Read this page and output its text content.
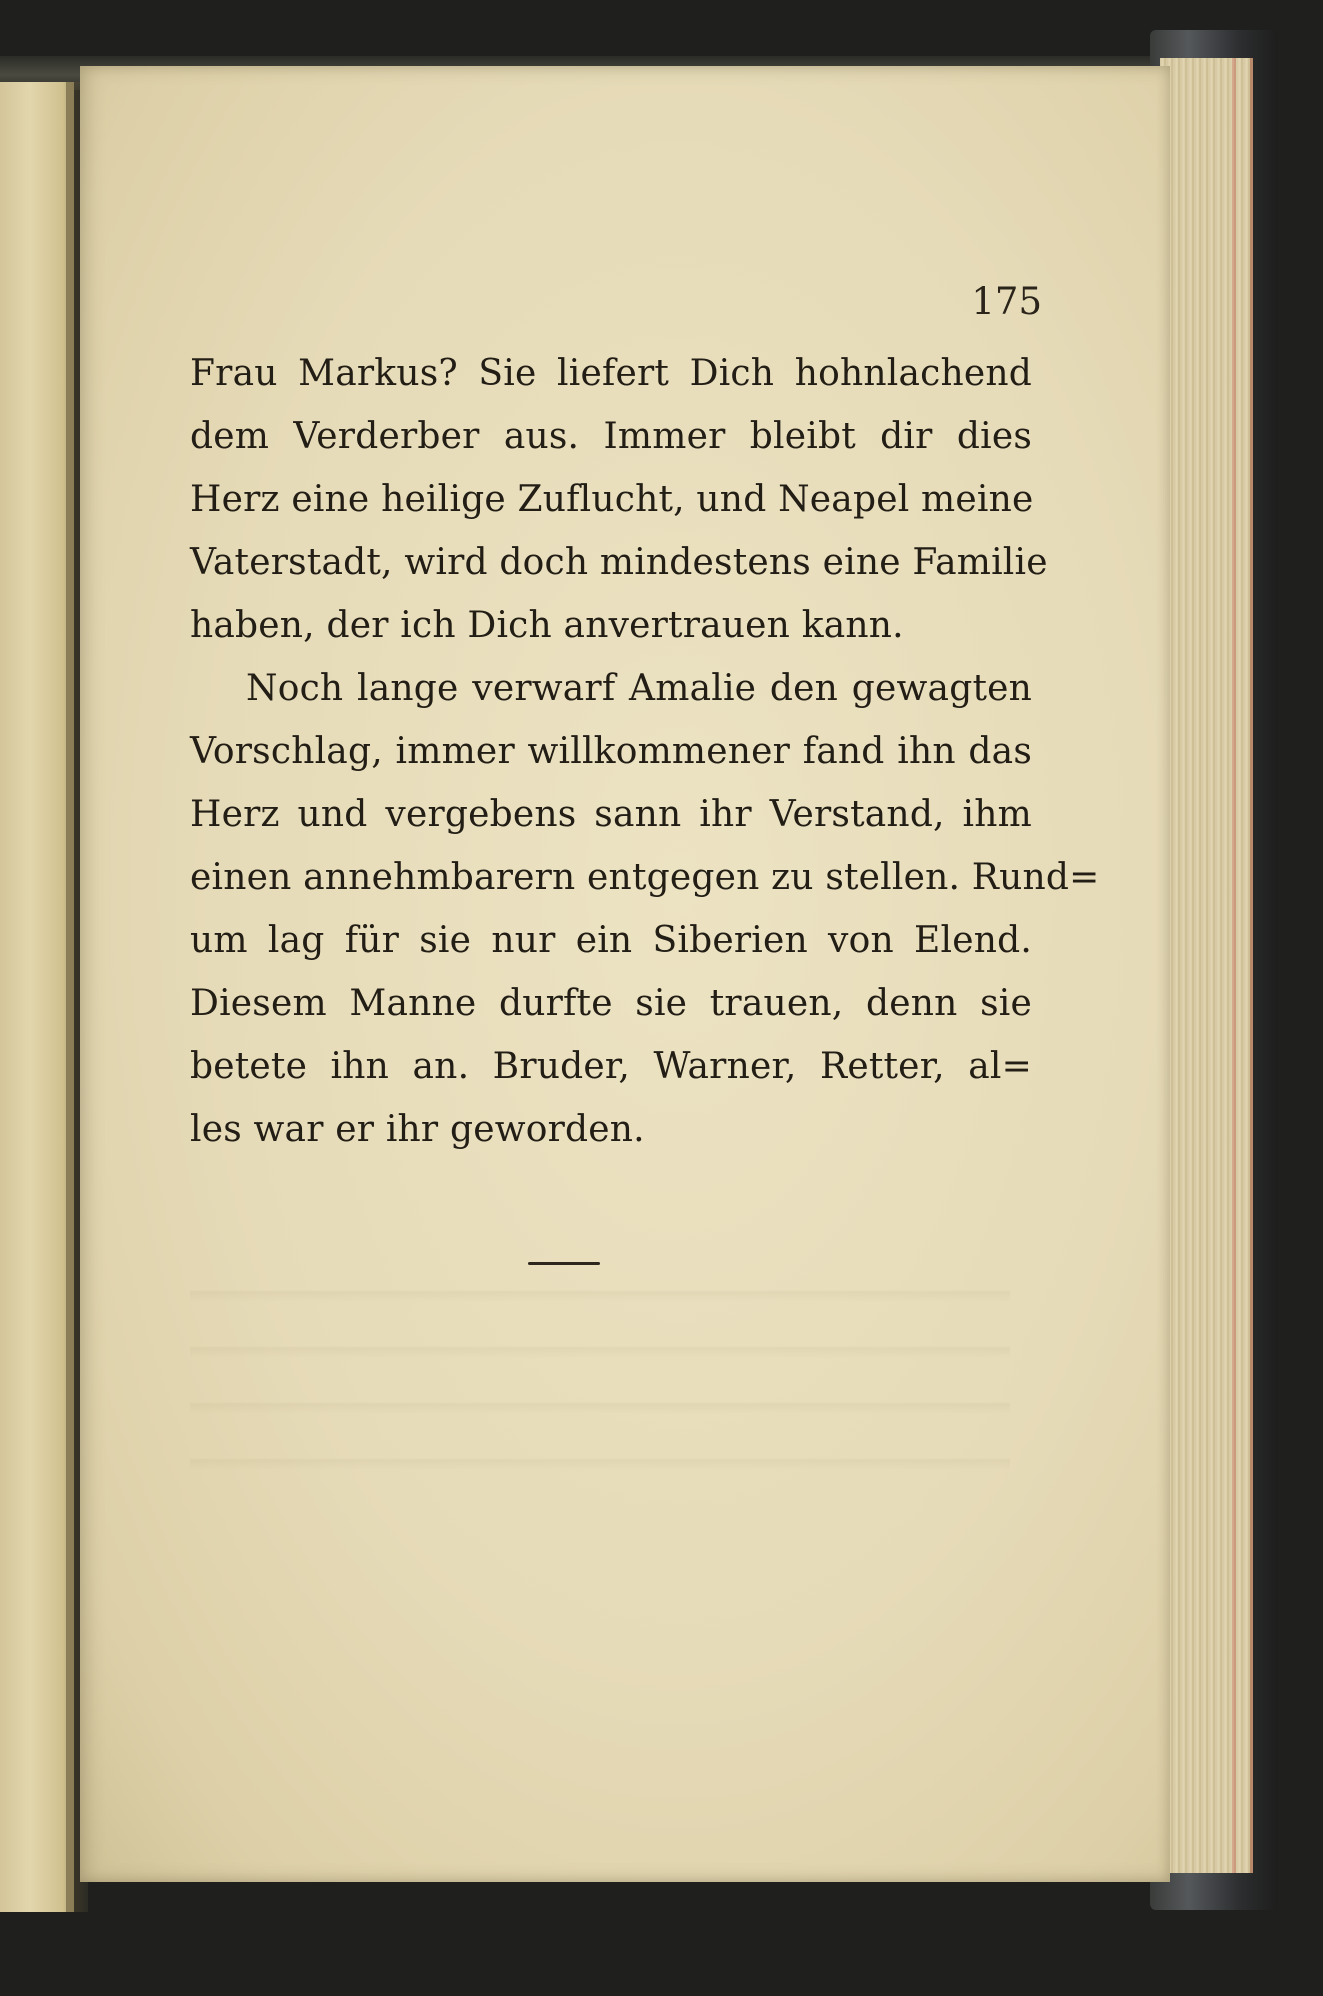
175

Frau Markus? Sie liefert Dich hohnlachend
dem Verderber aus. Immer bleibt dir dies
Herz eine heilige Zuflucht, und Neapel meine
Vaterstadt, wird doch mindestens eine Familie
haben, der ich Dich anvertrauen kann.
Noch lange verwarf Amalie den gewagten
Vorschlag, immer willkommener fand ihn das
Herz und vergebens sann ihr Verstand, ihm
einen annehmbarern entgegen zu stellen. Rund=
um lag für sie nur ein Siberien von Elend.
Diesem Manne durfte sie trauen, denn sie
betete ihn an. Bruder, Warner, Retter, al=
les war er ihr geworden.
